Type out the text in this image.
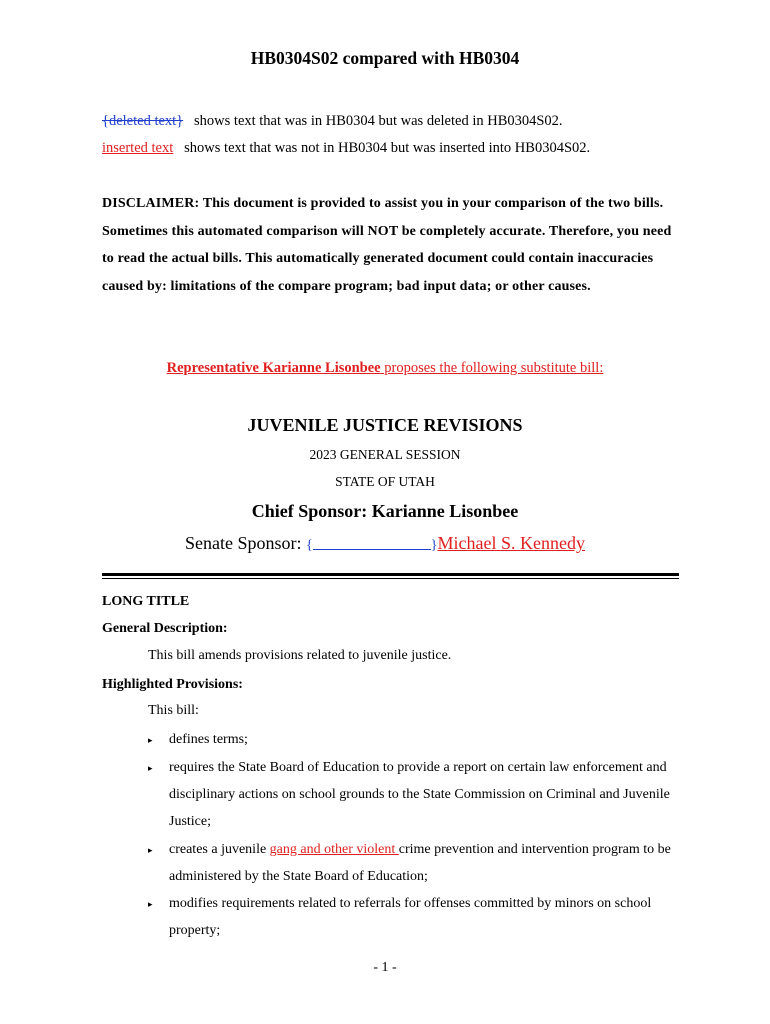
HB0304S02 compared with HB0304
{deleted text} shows text that was in HB0304 but was deleted in HB0304S02.
inserted text shows text that was not in HB0304 but was inserted into HB0304S02.
DISCLAIMER: This document is provided to assist you in your comparison of the two bills. Sometimes this automated comparison will NOT be completely accurate. Therefore, you need to read the actual bills. This automatically generated document could contain inaccuracies caused by: limitations of the compare program; bad input data; or other causes.
Representative Karianne Lisonbee proposes the following substitute bill:
JUVENILE JUSTICE REVISIONS
2023 GENERAL SESSION
STATE OF UTAH
Chief Sponsor: Karianne Lisonbee
Senate Sponsor: {	}Michael S. Kennedy
LONG TITLE
General Description:
This bill amends provisions related to juvenile justice.
Highlighted Provisions:
This bill:
▸ defines terms;
▸ requires the State Board of Education to provide a report on certain law enforcement and disciplinary actions on school grounds to the State Commission on Criminal and Juvenile Justice;
▸ creates a juvenile gang and other violent crime prevention and intervention program to be administered by the State Board of Education;
▸ modifies requirements related to referrals for offenses committed by minors on school property;
- 1 -
